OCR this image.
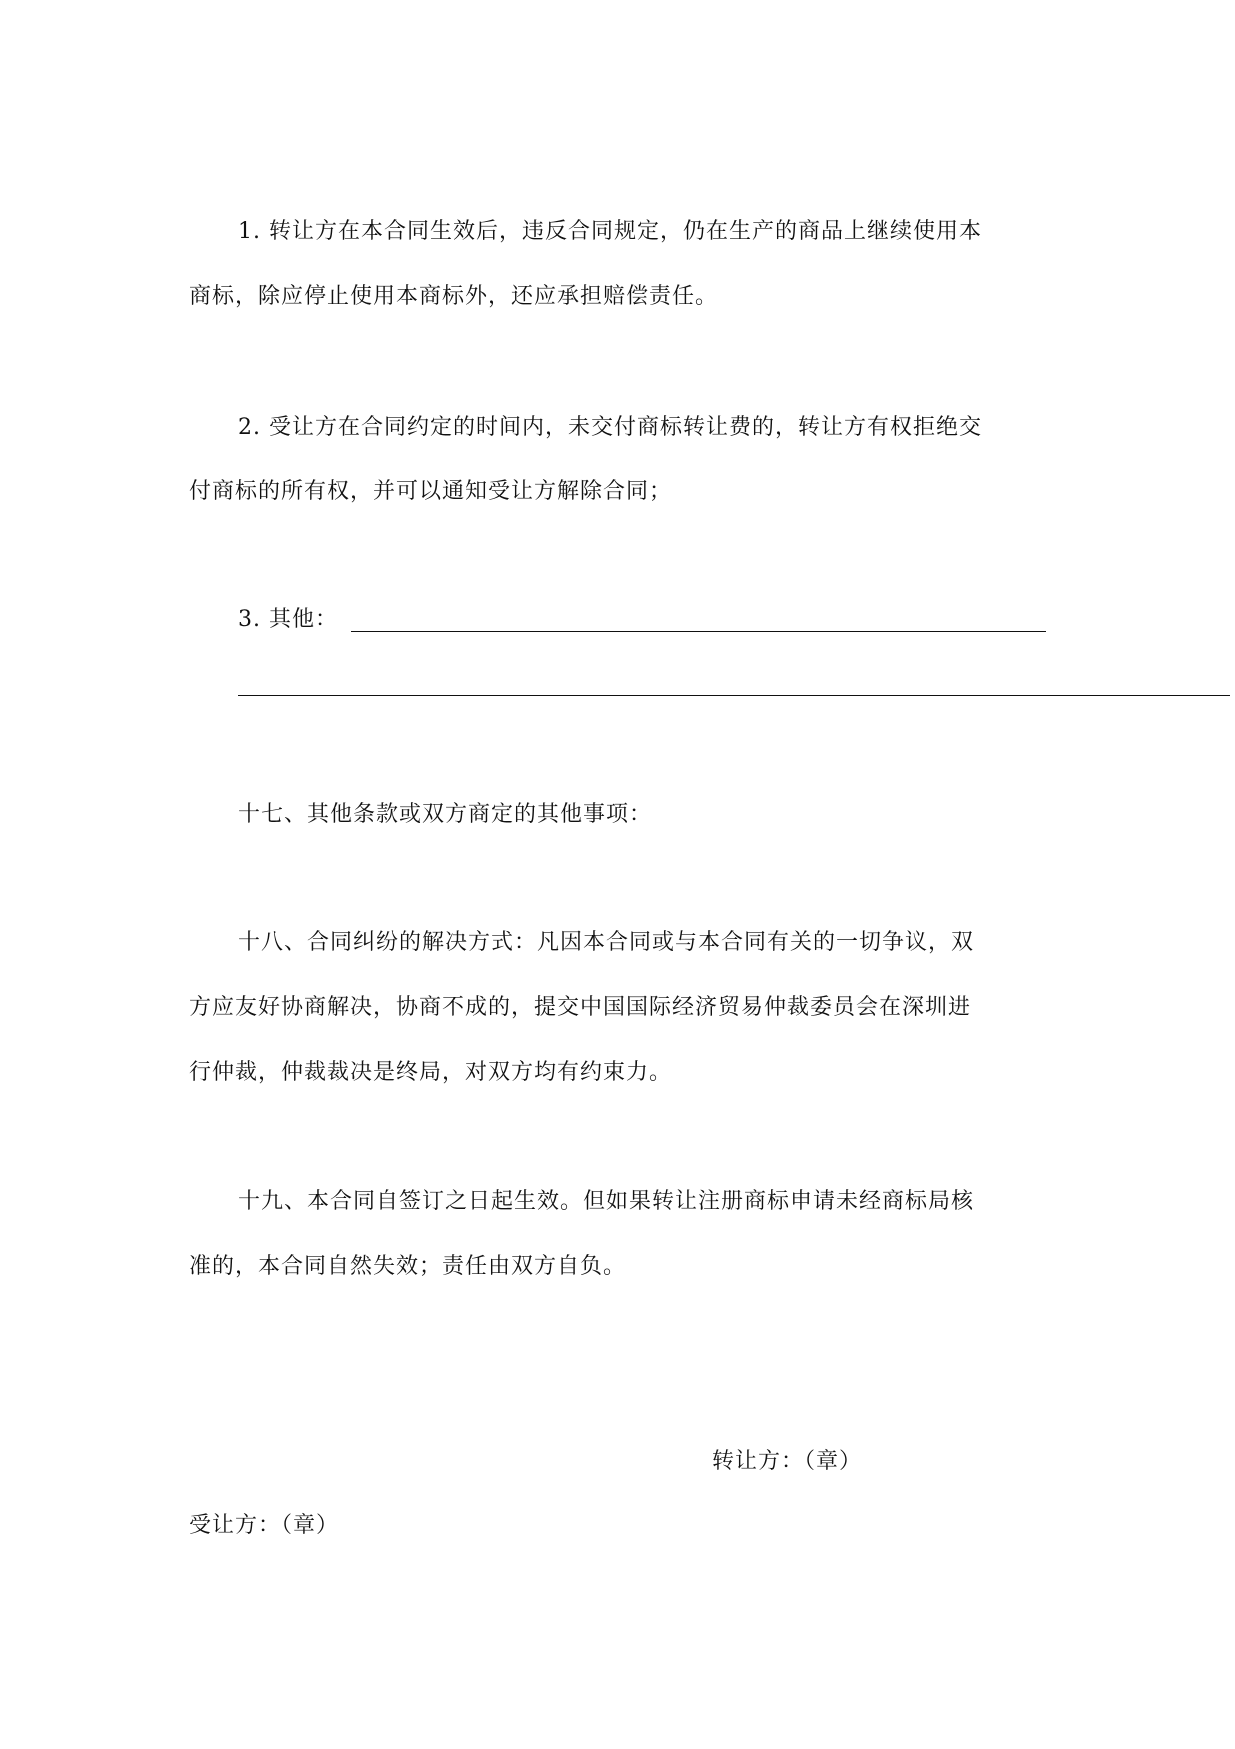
1. 转让方在本合同生效后，违反合同规定，仍在生产的商品上继续使用本
商标，除应停止使用本商标外，还应承担赔偿责任。
2. 受让方在合同约定的时间内，未交付商标转让费的，转让方有权拒绝交
付商标的所有权，并可以通知受让方解除合同；
3. 其他：
十七、其他条款或双方商定的其他事项：
十八、合同纠纷的解决方式：凡因本合同或与本合同有关的一切争议，双
方应友好协商解决，协商不成的，提交中国国际经济贸易仲裁委员会在深圳进
行仲裁，仲裁裁决是终局，对双方均有约束力。
十九、本合同自签订之日起生效。但如果转让注册商标申请未经商标局核
准的，本合同自然失效；责任由双方自负。
转让方：（章）
受让方：（章）
